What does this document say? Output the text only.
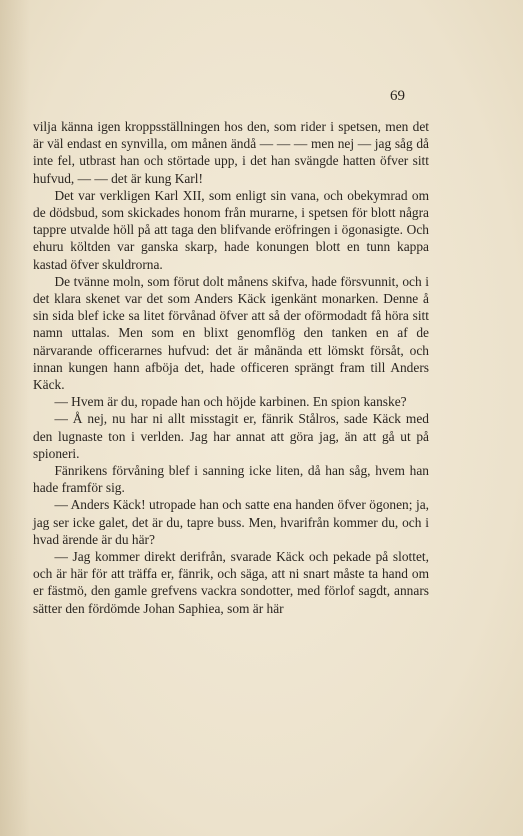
69

vilja känna igen kroppsställningen hos den, som rider i spetsen, men det är väl endast en synvilla, om månen ändå — — — men nej — jag såg då inte fel, utbrast han och störtade upp, i det han svängde hatten öfver sitt hufvud, — — det är kung Karl!

Det var verkligen Karl XII, som enligt sin vana, och obekymrad om de dödsbud, som skickades honom från murarne, i spetsen för blott några tappre utvalde höll på att taga den blifvande eröfringen i ögonasigte. Och ehuru költden var ganska skarp, hade konungen blott en tunn kappa kastad öfver skuldrorna.

De tvänne moln, som förut dolt månens skifva, hade försvunnit, och i det klara skenet var det som Anders Käck igenkänt monarken. Denne å sin sida blef icke sa litet förvånad öfver att så der oförmodadt få höra sitt namn uttalas. Men som en blixt genomflög den tanken en af de närvarande officerarnes hufvud: det är månända ett lömskt försåt, och innan kungen hann afböja det, hade officeren sprängt fram till Anders Käck.

— Hvem är du, ropade han och höjde karbinen. En spion kanske?

— Å nej, nu har ni allt misstagit er, fänrik Stålros, sade Käck med den lugnaste ton i verlden. Jag har annat att göra jag, än att gå ut på spioneri.

Fänrikens förvåning blef i sanning icke liten, då han såg, hvem han hade framför sig.

— Anders Käck! utropade han och satte ena handen öfver ögonen; ja, jag ser icke galet, det är du, tapre buss. Men, hvarifrån kommer du, och i hvad ärende är du här?

— Jag kommer direkt derifrån, svarade Käck och pekade på slottet, och är här för att träffa er, fänrik, och säga, att ni snart måste ta hand om er fästmö, den gamle grefvens vackra sondotter, med förlof sagdt, annars sätter den fördömde Johan Saphiea, som är här
